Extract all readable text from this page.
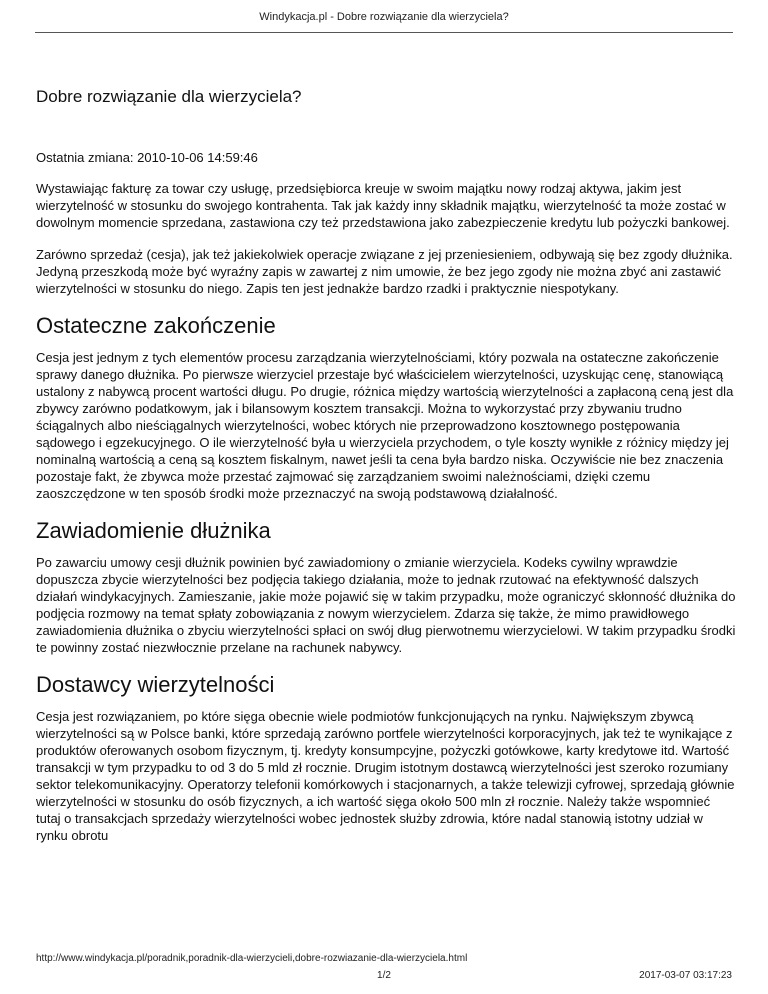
Windykacja.pl - Dobre rozwiązanie dla wierzyciela?
Dobre rozwiązanie dla wierzyciela?
Ostatnia zmiana: 2010-10-06 14:59:46

Wystawiając fakturę za towar czy usługę, przedsiębiorca kreuje w swoim majątku nowy rodzaj aktywa, jakim jest wierzytelność w stosunku do swojego kontrahenta. Tak jak każdy inny składnik majątku, wierzytelność ta może zostać w dowolnym momencie sprzedana, zastawiona czy też przedstawiona jako zabezpieczenie kredytu lub pożyczki bankowej.

Zarówno sprzedaż (cesja), jak też jakiekolwiek operacje związane z jej przeniesieniem, odbywają się bez zgody dłużnika. Jedyną przeszkodą może być wyraźny zapis w zawartej z nim umowie, że bez jego zgody nie można zbyć ani zastawić wierzytelności w stosunku do niego. Zapis ten jest jednakże bardzo rzadki i praktycznie niespotykany.

Ostateczne zakończenie

Cesja jest jednym z tych elementów procesu zarządzania wierzytelnościami, który pozwala na ostateczne zakończenie sprawy danego dłużnika. Po pierwsze wierzyciel przestaje być właścicielem wierzytelności, uzyskując cenę, stanowiącą ustalony z nabywcą procent wartości długu. Po drugie, różnica między wartością wierzytelności a zapłaconą ceną jest dla zbywcy zarówno podatkowym, jak i bilansowym kosztem transakcji. Można to wykorzystać przy zbywaniu trudno ściągalnych albo nieściągalnych wierzytelności, wobec których nie przeprowadzono kosztownego postępowania sądowego i egzekucyjnego. O ile wierzytelność była u wierzyciela przychodem, o tyle koszty wynikłe z różnicy między jej nominalną wartością a ceną są kosztem fiskalnym, nawet jeśli ta cena była bardzo niska. Oczywiście nie bez znaczenia pozostaje fakt, że zbywca może przestać zajmować się zarządzaniem swoimi należnościami, dzięki czemu zaoszczędzone w ten sposób środki może przeznaczyć na swoją podstawową działalność.

Zawiadomienie dłużnika

Po zawarciu umowy cesji dłużnik powinien być zawiadomiony o zmianie wierzyciela. Kodeks cywilny wprawdzie dopuszcza zbycie wierzytelności bez podjęcia takiego działania, może to jednak rzutować na efektywność dalszych działań windykacyjnych. Zamieszanie, jakie może pojawić się w takim przypadku, może ograniczyć skłonność dłużnika do podjęcia rozmowy na temat spłaty zobowiązania z nowym wierzycielem. Zdarza się także, że mimo prawidłowego zawiadomienia dłużnika o zbyciu wierzytelności spłaci on swój dług pierwotnemu wierzycielowi. W takim przypadku środki te powinny zostać niezwłocznie przelane na rachunek nabywcy.

Dostawcy wierzytelności

Cesja jest rozwiązaniem, po które sięga obecnie wiele podmiotów funkcjonujących na rynku. Największym zbywcą wierzytelności są w Polsce banki, które sprzedają zarówno portfele wierzytelności korporacyjnych, jak też te wynikające z produktów oferowanych osobom fizycznym, tj. kredyty konsumpcyjne, pożyczki gotówkowe, karty kredytowe itd. Wartość transakcji w tym przypadku to od 3 do 5 mld zł rocznie. Drugim istotnym dostawcą wierzytelności jest szeroko rozumiany sektor telekomunikacyjny. Operatorzy telefonii komórkowych i stacjonarnych, a także telewizji cyfrowej, sprzedają głównie wierzytelności w stosunku do osób fizycznych, a ich wartość sięga około 500 mln zł rocznie. Należy także wspomnieć tutaj o transakcjach sprzedaży wierzytelności wobec jednostek służby zdrowia, które nadal stanowią istotny udział w rynku obrotu

http://www.windykacja.pl/poradnik,poradnik-dla-wierzycieli,dobre-rozwiazanie-dla-wierzyciela.html
1/2	2017-03-07 03:17:23
